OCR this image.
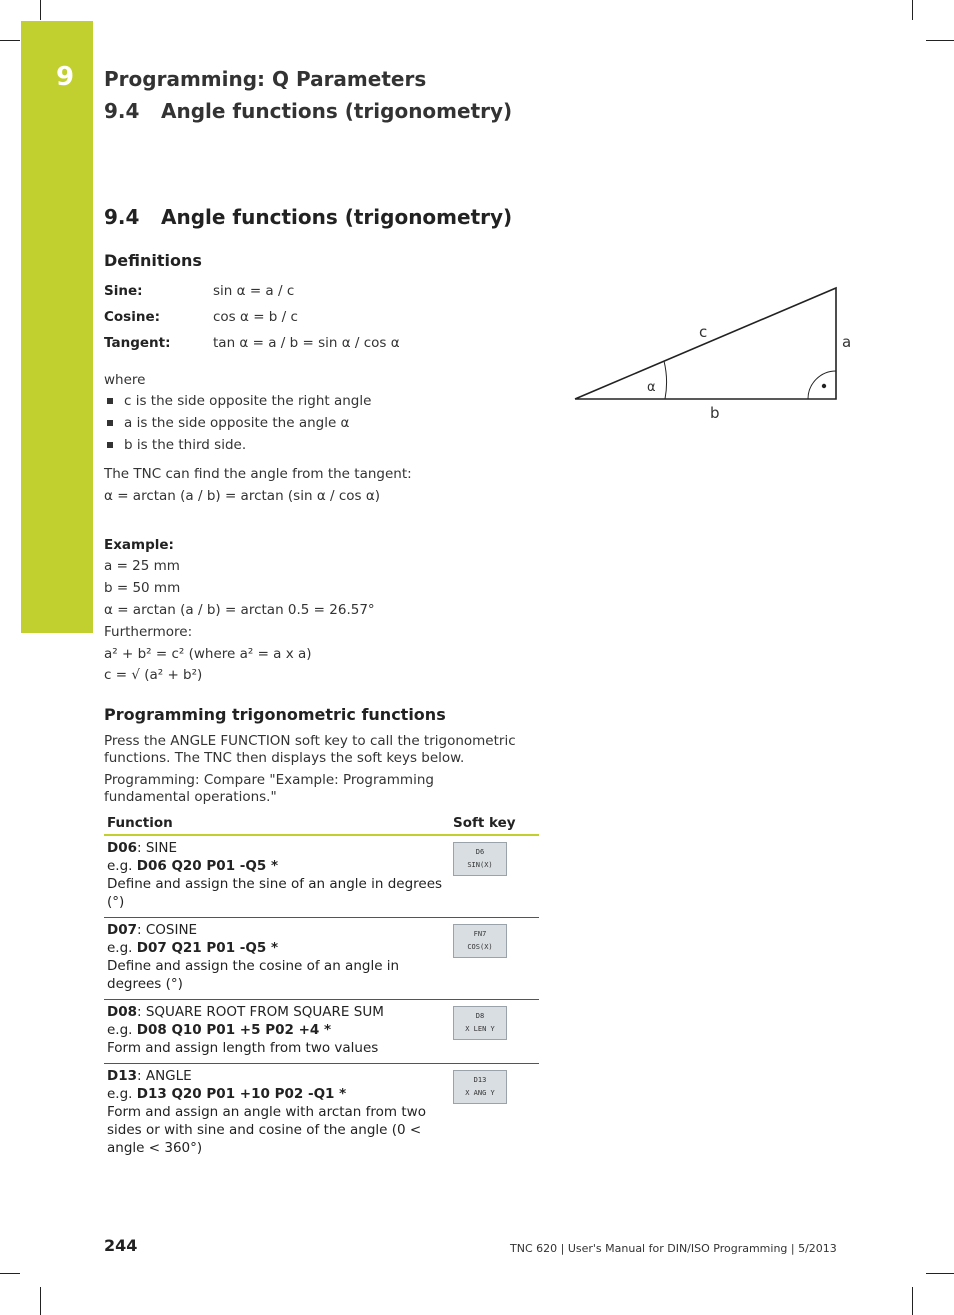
9 Programming: Q Parameters
9.4 Angle functions (trigonometry)
9.4 Angle functions (trigonometry)
Definitions
Sine:	sin α = a / c
Cosine:	cos α = b / c
Tangent:	tan α = a / b = sin α / cos α
where
c is the side opposite the right angle
a is the side opposite the angle α
b is the third side.
The TNC can find the angle from the tangent:
α = arctan (a / b) = arctan (sin α / cos α)
Example:
a = 25 mm
b = 50 mm
α = arctan (a / b) = arctan 0.5 = 26.57°
Furthermore:
a² + b² = c² (where a² = a x a)
c = √ (a² + b²)
c
a
b
α
Programming trigonometric functions
Press the ANGLE FUNCTION soft key to call the trigonometric functions. The TNC then displays the soft keys below.
Programming: Compare "Example: Programming fundamental operations."
Function	Soft key
D06: SINE
e.g. D06 Q20 P01 -Q5 *
Define and assign the sine of an angle in degrees (°)	D6
SIN(X)

D07: COSINE
e.g. D07 Q21 P01 -Q5 *
Define and assign the cosine of an angle in degrees (°)	FN7
COS(X)

D08: SQUARE ROOT FROM SQUARE SUM
e.g. D08 Q10 P01 +5 P02 +4 *
Form and assign length from two values	D8
X LEN Y

D13: ANGLE
e.g. D13 Q20 P01 +10 P02 -Q1 *
Form and assign an angle with arctan from two sides or with sine and cosine of the angle (0 < angle < 360°)	D13
X ANG Y
244	TNC 620 | User's Manual for DIN/ISO Programming | 5/2013
